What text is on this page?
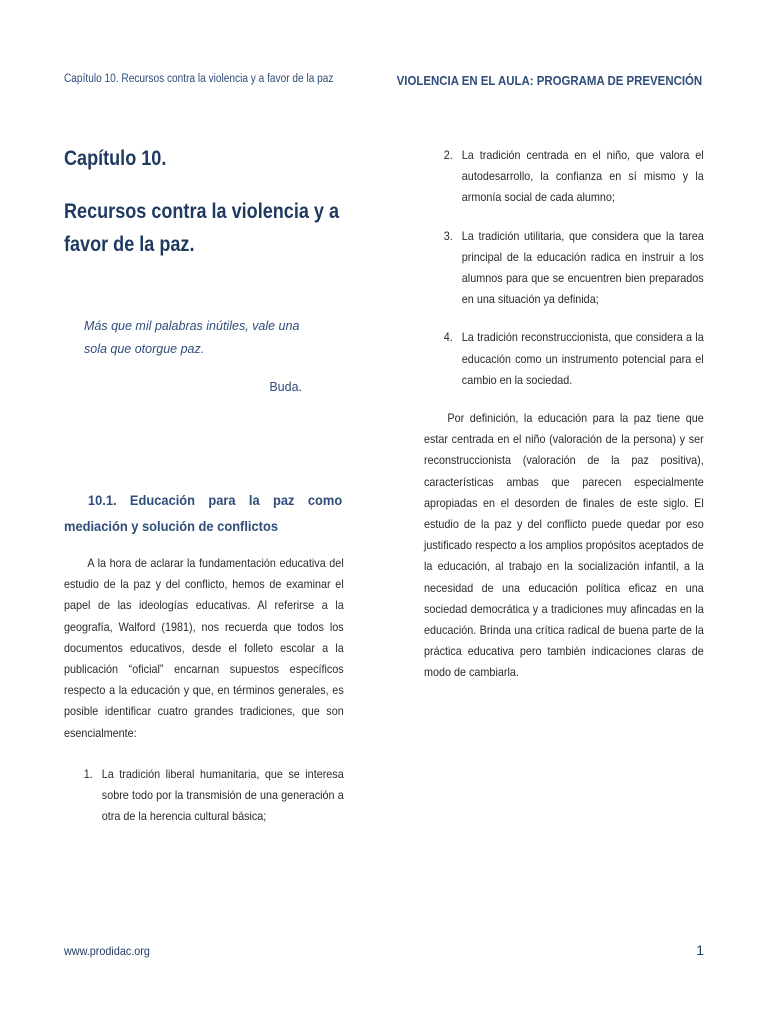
Capítulo 10. Recursos contra la violencia y a favor de la paz	VIOLENCIA EN EL AULA: PROGRAMA DE PREVENCIÓN
Capítulo 10.
Recursos contra la violencia y a favor de la paz.
Más que mil palabras inútiles, vale una sola que otorgue paz.
Buda.
10.1. Educación para la paz como mediación y solución de conflictos

A la hora de aclarar la fundamentación educativa del estudio de la paz y del conflicto, hemos de examinar el papel de las ideologías educativas. Al referirse a la geografía, Walford (1981), nos recuerda que todos los documentos educativos, desde el folleto escolar a la publicación “oficial” encarnan supuestos específicos respecto a la educación y que, en términos generales, es posible identificar cuatro grandes tradiciones, que son esencialmente:

1. La tradición liberal humanitaria, que se interesa sobre todo por la transmisión de una generación a otra de la herencia cultural básica;
2. La tradición centrada en el niño, que valora el autodesarrollo, la confianza en sí mismo y la armonía social de cada alumno;
3. La tradición utilitaria, que considera que la tarea principal de la educación radica en instruir a los alumnos para que se encuentren bien preparados en una situación ya definida;
4. La tradición reconstruccionista, que considera a la educación como un instrumento potencial para el cambio en la sociedad.

Por definición, la educación para la paz tiene que estar centrada en el niño (valoración de la persona) y ser reconstruccionista (valoración de la paz positiva), características ambas que parecen especialmente apropiadas en el desorden de finales de este siglo. El estudio de la paz y del conflicto puede quedar por eso justificado respecto a los amplios propósitos aceptados de la educación, al trabajo en la socialización infantil, a la necesidad de una educación política eficaz en una sociedad democrática y a tradiciones muy afincadas en la educación. Brinda una crítica radical de buena parte de la práctica educativa pero también indicaciones claras de modo de cambiarla.

www.prodidac.org	1
